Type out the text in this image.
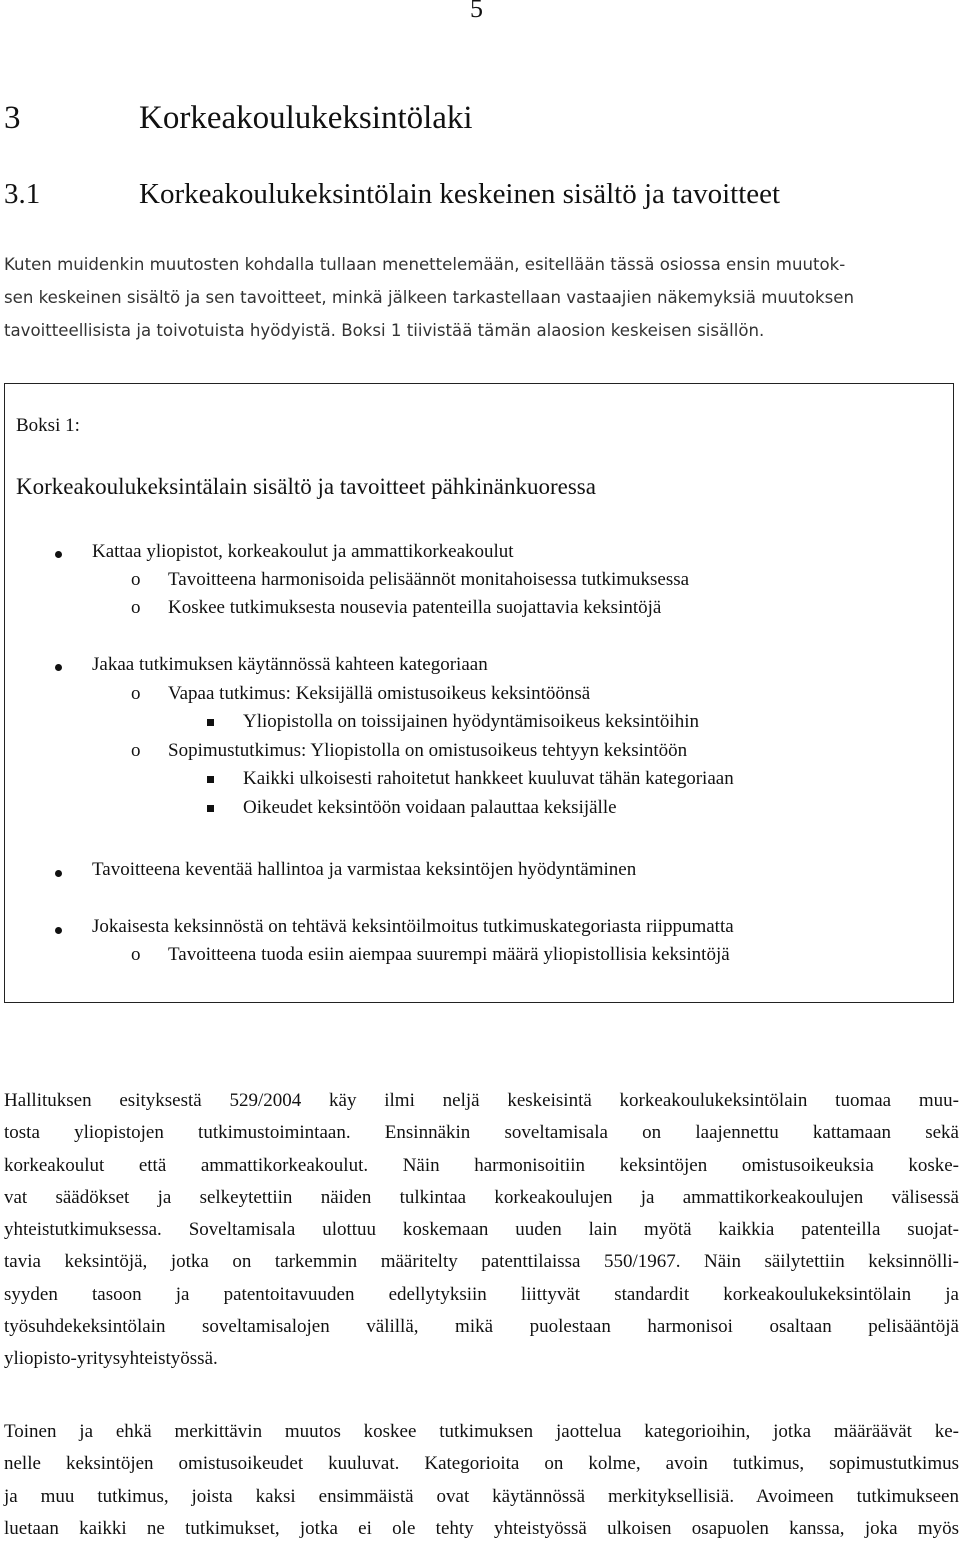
5
3	Korkeakoulukeksintölaki
3.1	Korkeakoulukeksintölain keskeinen sisältö ja tavoitteet
Kuten muidenkin muutosten kohdalla tullaan menettelemään, esitellään tässä osiossa ensin muutok-
sen keskeinen sisältö ja sen tavoitteet, minkä jälkeen tarkastellaan vastaajien näkemyksiä muutoksen
tavoitteellisista ja toivotuista hyödyistä. Boksi 1 tiivistää tämän alaosion keskeisen sisällön.
Boksi 1:
Korkeakoulukeksintälain sisältö ja tavoitteet pähkinänkuoressa
Kattaa yliopistot, korkeakoulut ja ammattikorkeakoulut
o Tavoitteena harmonisoida pelisäännöt monitahoisessa tutkimuksessa
o Koskee tutkimuksesta nousevia patenteilla suojattavia keksintöjä
Jakaa tutkimuksen käytännössä kahteen kategoriaan
o Vapaa tutkimus: Keksijällä omistusoikeus keksintöönsä
Yliopistolla on toissijainen hyödyntämisoikeus keksintöihin
o Sopimustutkimus: Yliopistolla on omistusoikeus tehtyyn keksintöön
Kaikki ulkoisesti rahoitetut hankkeet kuuluvat tähän kategoriaan
Oikeudet keksintöön voidaan palauttaa keksijälle
Tavoitteena keventää hallintoa ja varmistaa keksintöjen hyödyntäminen
Jokaisesta keksinnöstä on tehtävä keksintöilmoitus tutkimuskategoriasta riippumatta
o Tavoitteena tuoda esiin aiempaa suurempi määrä yliopistollisia keksintöjä
Hallituksen esityksestä 529/2004 käy ilmi neljä keskeisintä korkeakoulukeksintölain tuomaa muu-
tosta yliopistojen tutkimustoimintaan. Ensinnäkin soveltamisala on laajennettu kattamaan sekä
korkeakoulut että ammattikorkeakoulut. Näin harmonisoitiin keksintöjen omistusoikeuksia koske-
vat säädökset ja selkeytettiin näiden tulkintaa korkeakoulujen ja ammattikorkeakoulujen välisessä
yhteistutkimuksessa. Soveltamisala ulottuu koskemaan uuden lain myötä kaikkia patenteilla suojat-
tavia keksintöjä, jotka on tarkemmin määritelty patenttilaissa 550/1967. Näin säilytettiin keksinnölli-
syyden tasoon ja patentoitavuuden edellytyksiin liittyvät standardit korkeakoulukeksintölain ja
työsuhdekeksintölain soveltamisalojen välillä, mikä puolestaan harmonisoi osaltaan pelisääntöjä
yliopisto-yritysyhteistyössä.
Toinen ja ehkä merkittävin muutos koskee tutkimuksen jaottelua kategorioihin, jotka määräävät ke-
nelle keksintöjen omistusoikeudet kuuluvat. Kategorioita on kolme, avoin tutkimus, sopimustutkimus
ja muu tutkimus, joista kaksi ensimmäistä ovat käytännössä merkityksellisiä. Avoimeen tutkimukseen
luetaan kaikki ne tutkimukset, jotka ei ole tehty yhteistyössä ulkoisen osapuolen kanssa, joka myös
